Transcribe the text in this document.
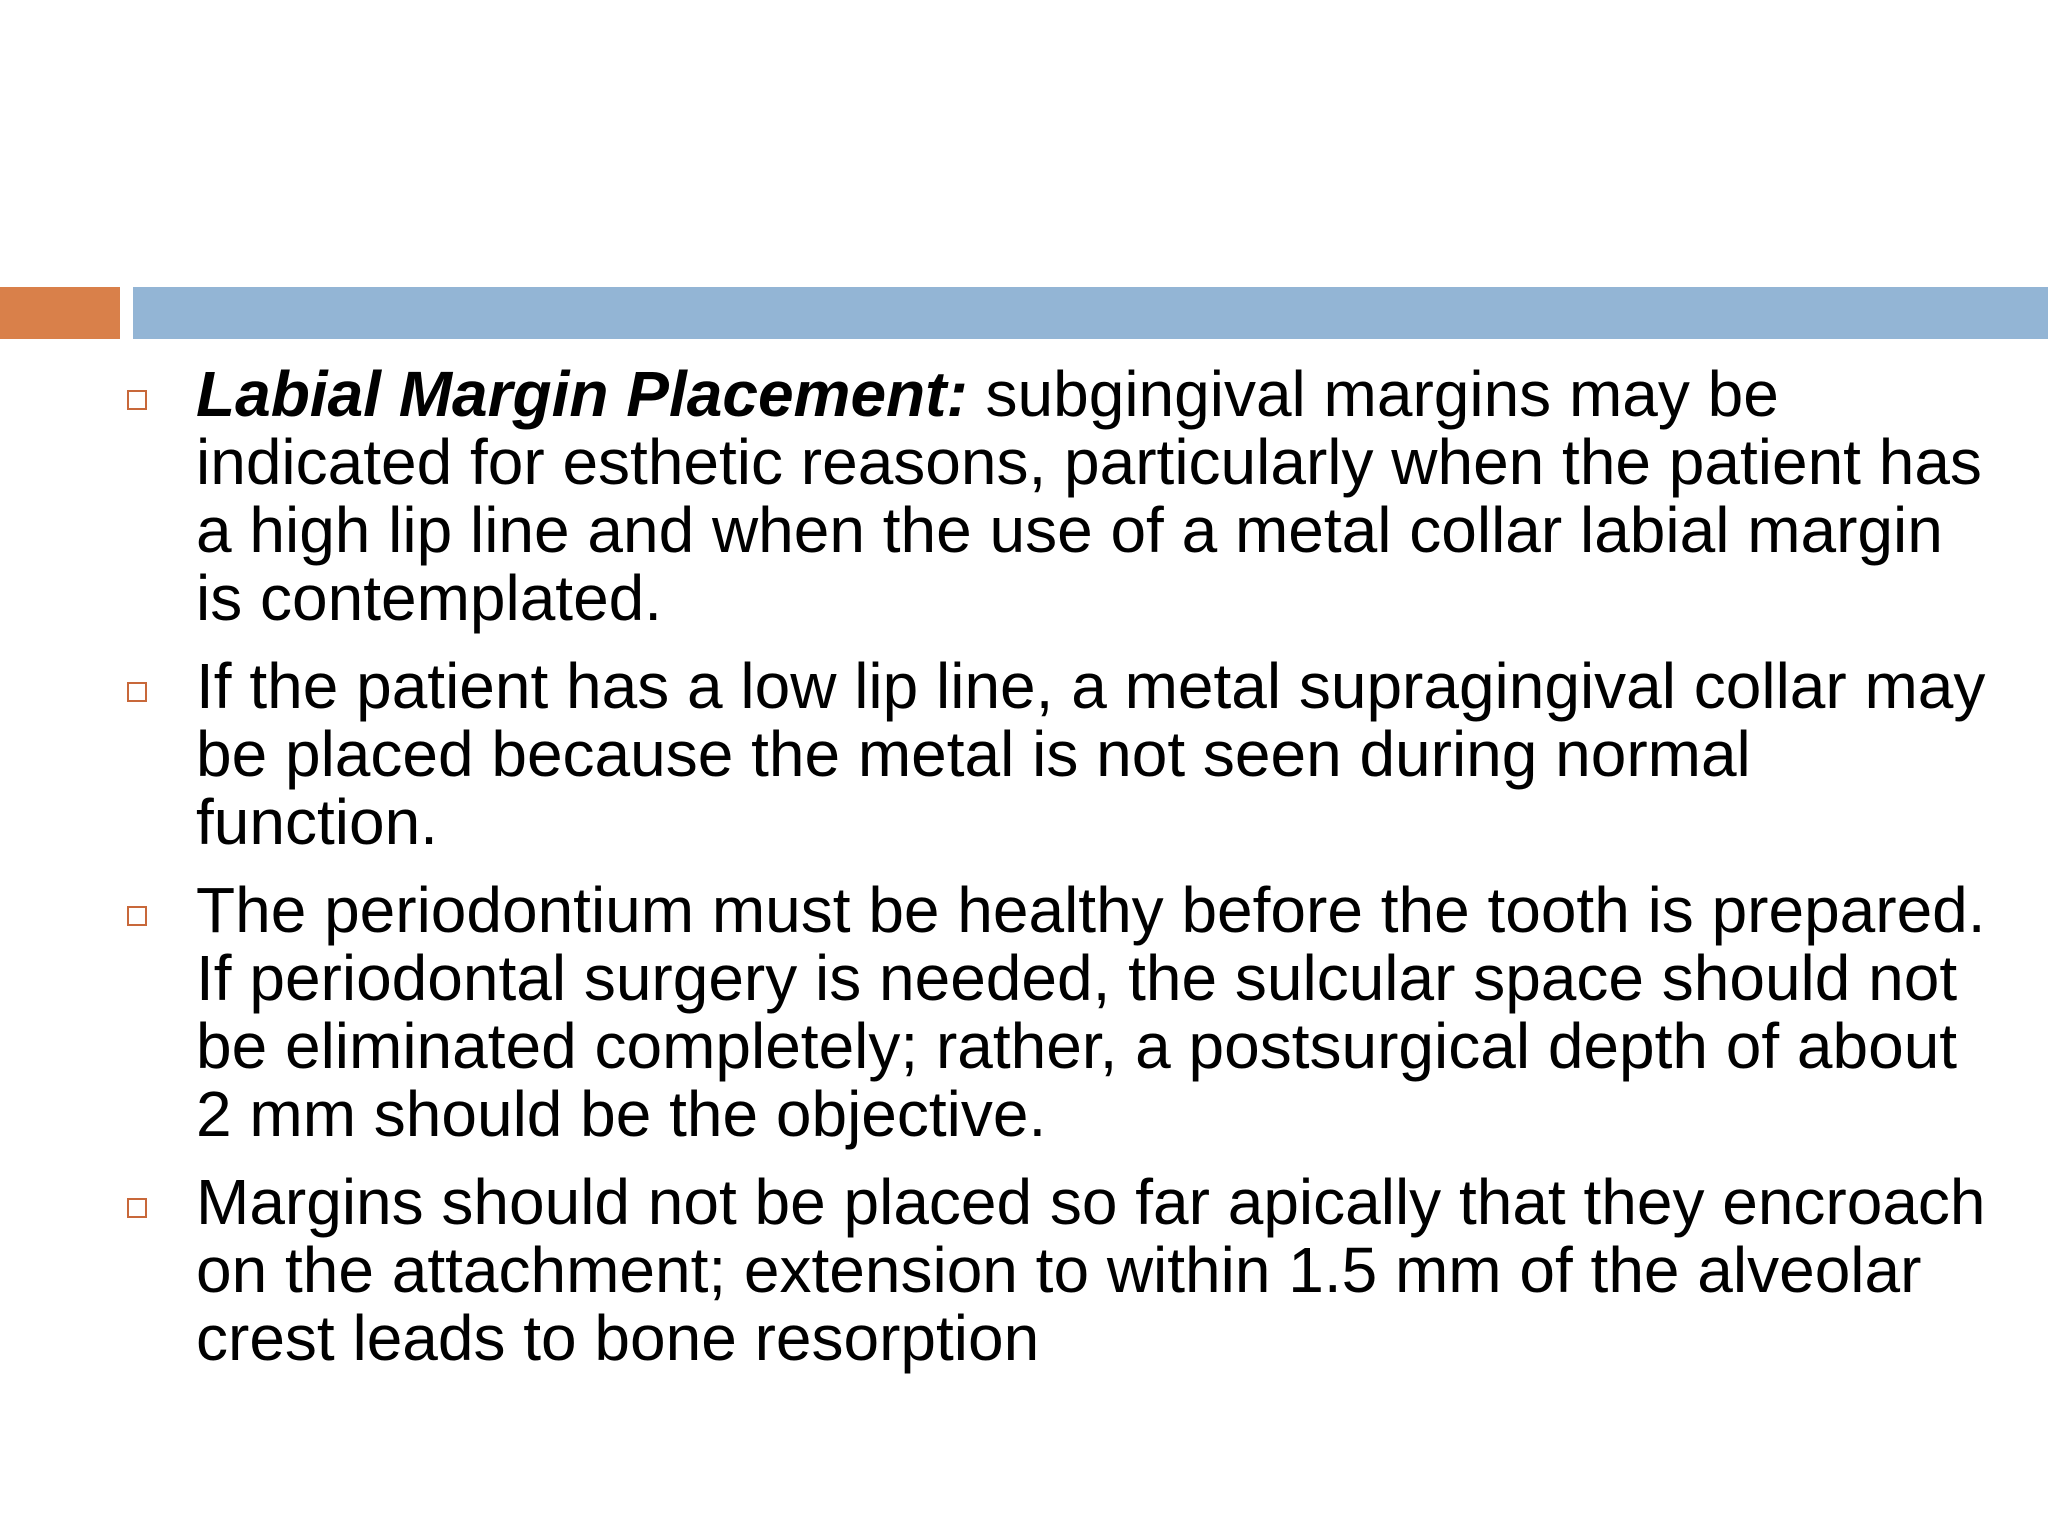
Labial Margin Placement: subgingival margins may be indicated for esthetic reasons, particularly when the patient has a high lip line and when the use of a metal collar labial margin is contemplated.
If the patient has a low lip line, a metal supragingival collar may be placed because the metal is not seen during normal function.
The periodontium must be healthy before the tooth is prepared. If periodontal surgery is needed, the sulcular space should not be eliminated completely; rather, a postsurgical depth of about 2 mm should be the objective.
Margins should not be placed so far apically that they encroach on the attachment; extension to within 1.5 mm of the alveolar crest leads to bone resorption
